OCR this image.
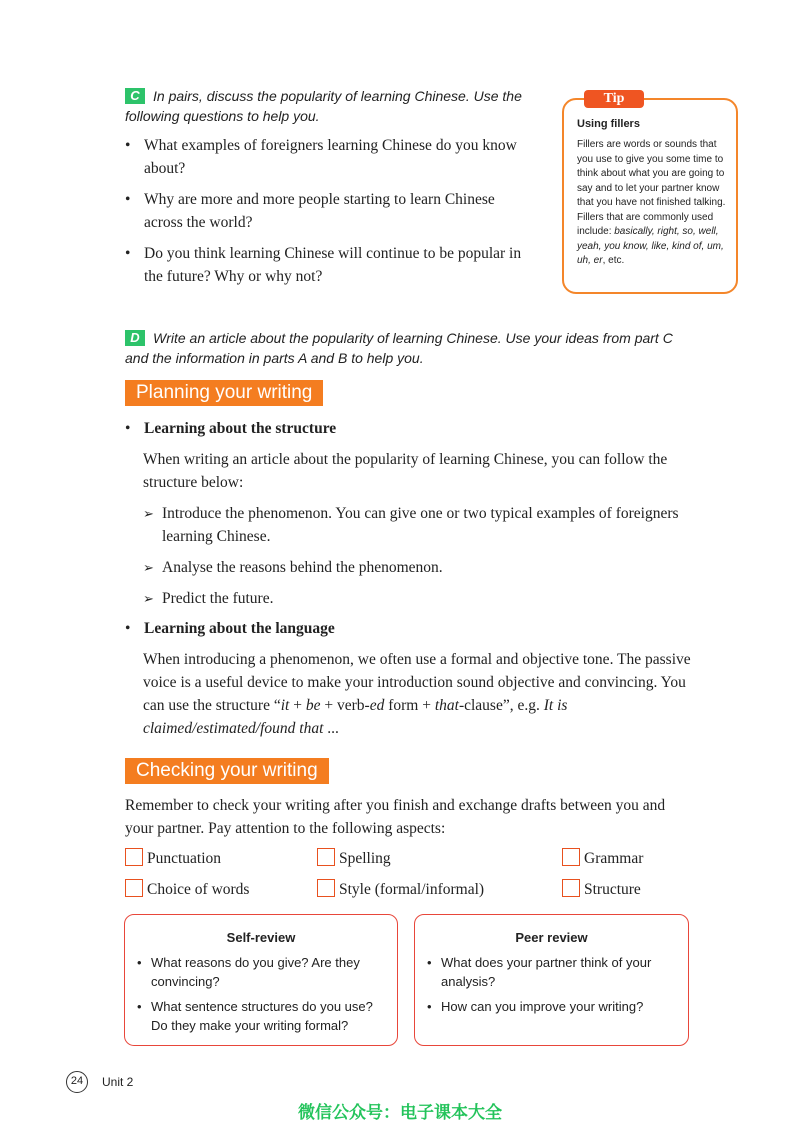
C In pairs, discuss the popularity of learning Chinese. Use the following questions to help you.
• What examples of foreigners learning Chinese do you know about?
• Why are more and more people starting to learn Chinese across the world?
• Do you think learning Chinese will continue to be popular in the future? Why or why not?
Using fillers
Fillers are words or sounds that you use to give you some time to think about what you are going to say and to let your partner know that you have not finished talking. Fillers that are commonly used include: basically, right, so, well, yeah, you know, like, kind of, um, uh, er, etc.
Tip
D Write an article about the popularity of learning Chinese. Use your ideas from part C and the information in parts A and B to help you.
Planning your writing
• Learning about the structure
When writing an article about the popularity of learning Chinese, you can follow the structure below:
➢ Introduce the phenomenon. You can give one or two typical examples of foreigners learning Chinese.
➢ Analyse the reasons behind the phenomenon.
➢ Predict the future.
• Learning about the language
When introducing a phenomenon, we often use a formal and objective tone. The passive voice is a useful device to make your introduction sound objective and convincing. You can use the structure “it + be + verb-ed form + that-clause”, e.g. It is claimed/estimated/found that ...
Checking your writing
Remember to check your writing after you finish and exchange drafts between you and your partner. Pay attention to the following aspects:
Punctuation	Spelling	Grammar
Choice of words	Style (formal/informal)	Structure
Self-review
• What reasons do you give? Are they convincing?
• What sentence structures do you use? Do they make your writing formal?
Peer review
• What does your partner think of your analysis?
• How can you improve your writing?
24	Unit 2
微信公众号：电子课本大全
